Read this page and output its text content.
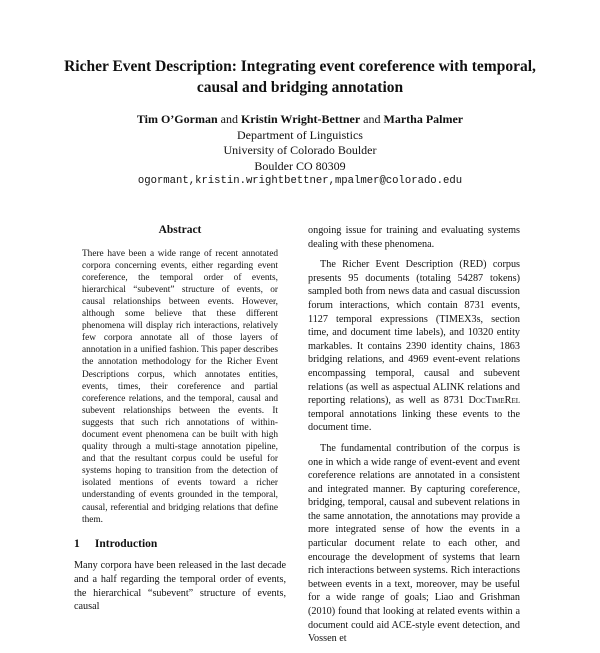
Richer Event Description: Integrating event coreference with temporal,
causal and bridging annotation
Tim O’Gorman and Kristin Wright-Bettner and Martha Palmer
Department of Linguistics
University of Colorado Boulder
Boulder CO 80309
ogormant,kristin.wrightbettner,mpalmer@colorado.edu
Abstract
There have been a wide range of recent annotated corpora concerning events, either regarding event coreference, the temporal order of events, hierarchical “subevent” structure of events, or causal relationships between events. However, although some believe that these different phenomena will display rich interactions, relatively few corpora annotate all of those layers of annotation in a unified fashion. This paper describes the annotation methodology for the Richer Event Descriptions corpus, which annotates entities, events, times, their coreference and partial coreference relations, and the temporal, causal and subevent relationships between the events. It suggests that such rich annotations of within-document event phenomena can be built with high quality through a multi-stage annotation pipeline, and that the resultant corpus could be useful for systems hoping to transition from the detection of isolated mentions of events toward a richer understanding of events grounded in the temporal, causal, referential and bridging relations that define them.
1 Introduction
Many corpora have been released in the last decade and a half regarding the temporal order of events, the hierarchical “subevent” structure of events, causal
ongoing issue for training and evaluating systems dealing with these phenomena.
The Richer Event Description (RED) corpus presents 95 documents (totaling 54287 tokens) sampled both from news data and casual discussion forum interactions, which contain 8731 events, 1127 temporal expressions (TIMEX3s, section time, and document time labels), and 10320 entity markables. It contains 2390 identity chains, 1863 bridging relations, and 4969 event-event relations encompassing temporal, causal and subevent relations (as well as aspectual ALINK relations and reporting relations), as well as 8731 DocTimeRel temporal annotations linking these events to the document time.
The fundamental contribution of the corpus is one in which a wide range of event-event and event coreference relations are annotated in a consistent and integrated manner. By capturing coreference, bridging, temporal, causal and subevent relations in the same annotation, the annotations may provide a more integrated sense of how the events in a particular document relate to each other, and encourage the development of systems that learn rich interactions between systems. Rich interactions between events in a text, moreover, may be useful for a wide range of goals; Liao and Grishman (2010) found that looking at related events within a document could aid ACE-style event detection, and Vossen et
